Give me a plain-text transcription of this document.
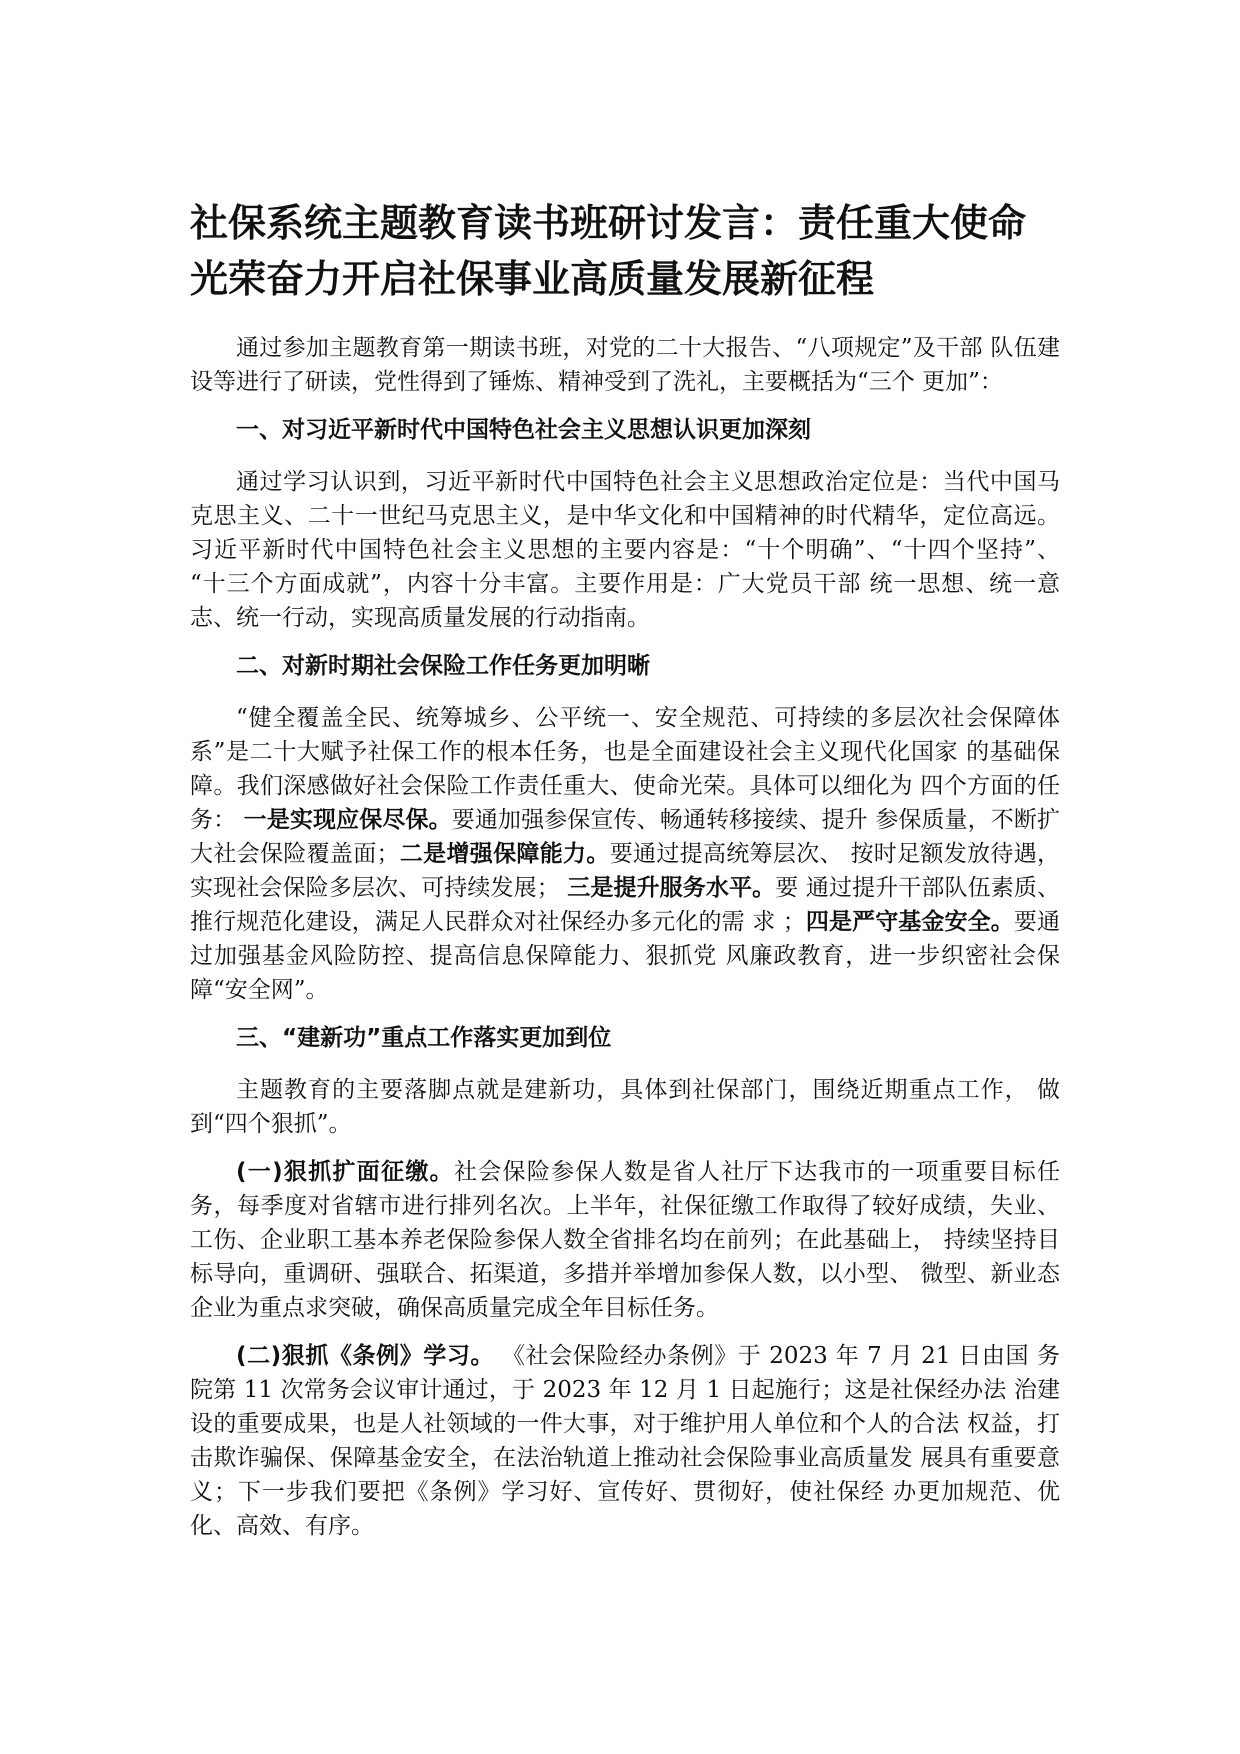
社保系统主题教育读书班研讨发言：责任重大使命光荣奋力开启社保事业高质量发展新征程

通过参加主题教育第一期读书班，对党的二十大报告、“八项规定”及干部 队伍建设等进行了研读，党性得到了锤炼、精神受到了洗礼，主要概括为“三个 更加”：

一、对习近平新时代中国特色社会主义思想认识更加深刻

通过学习认识到，习近平新时代中国特色社会主义思想政治定位是：当代中国马克思主义、二十一世纪马克思主义，是中华文化和中国精神的时代精华，定位高远。习近平新时代中国特色社会主义思想的主要内容是：“十个明确”、“十四个坚持”、 “十三个方面成就”，内容十分丰富。主要作用是：广大党员干部 统一思想、统一意志、统一行动，实现高质量发展的行动指南。

二、对新时期社会保险工作任务更加明晰

“健全覆盖全民、统筹城乡、公平统一、安全规范、可持续的多层次社会保障体系”是二十大赋予社保工作的根本任务，也是全面建设社会主义现代化国家 的基础保障。我们深感做好社会保险工作责任重大、使命光荣。具体可以细化为 四个方面的任务： 一是实现应保尽保。要通加强参保宣传、畅通转移接续、提升 参保质量，不断扩大社会保险覆盖面；二是增强保障能力。要通过提高统筹层次、 按时足额发放待遇，实现社会保险多层次、可持续发展； 三是提升服务水平。要 通过提升干部队伍素质、推行规范化建设，满足人民群众对社保经办多元化的需 求 ；四是严守基金安全。要通过加强基金风险防控、提高信息保障能力、狠抓党 风廉政教育，进一步织密社会保障“安全网”。

三、“建新功”重点工作落实更加到位

主题教育的主要落脚点就是建新功，具体到社保部门，围绕近期重点工作， 做到“四个狠抓”。

(一)狠抓扩面征缴。社会保险参保人数是省人社厅下达我市的一项重要目标任务，每季度对省辖市进行排列名次。上半年，社保征缴工作取得了较好成绩，失业、工伤、企业职工基本养老保险参保人数全省排名均在前列；在此基础上， 持续坚持目标导向，重调研、强联合、拓渠道，多措并举增加参保人数，以小型、 微型、新业态企业为重点求突破，确保高质量完成全年目标任务。

(二)狠抓《条例》学习。 《社会保险经办条例》于 2023 年 7 月 21 日由国 务院第 11 次常务会议审计通过，于 2023 年 12 月 1 日起施行；这是社保经办法 治建设的重要成果，也是人社领域的一件大事，对于维护用人单位和个人的合法 权益，打击欺诈骗保、保障基金安全，在法治轨道上推动社会保险事业高质量发 展具有重要意义；下一步我们要把《条例》学习好、宣传好、贯彻好，使社保经 办更加规范、优化、高效、有序。
